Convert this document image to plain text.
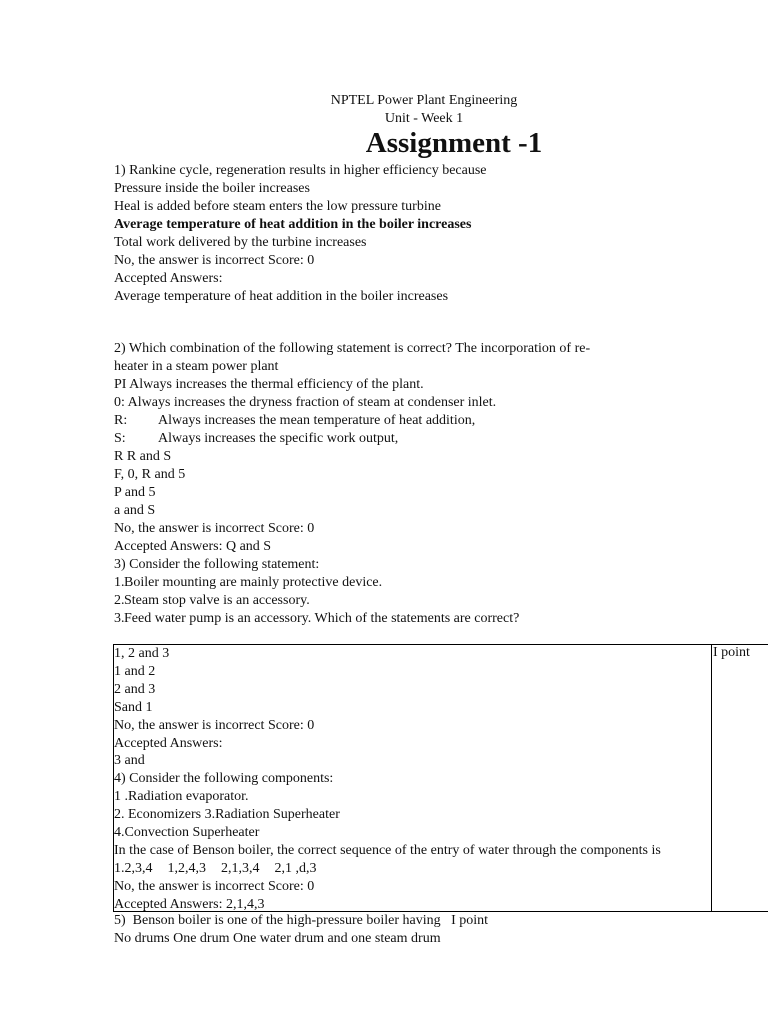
NPTEL Power Plant Engineering
Unit - Week 1
Assignment -1
1) Rankine cycle, regeneration results in higher efficiency because
Pressure inside the boiler increases
Heal is added before steam enters the low pressure turbine
Average temperature of heat addition in the boiler increases
Total work delivered by the turbine increases
No, the answer is incorrect Score: 0
Accepted Answers:
Average temperature of heat addition in the boiler increases
2) Which combination of the following statement is correct? The incorporation of re-
heater in a steam power plant
PI Always increases the thermal efficiency of the plant.
0: Always increases the dryness fraction of steam at condenser inlet.
R: Always increases the mean temperature of heat addition,
S: Always increases the specific work output,
R R and S
F, 0, R and 5
P and 5
a and S
No, the answer is incorrect Score: 0
Accepted Answers: Q and S
3) Consider the following statement:
1.Boiler mounting are mainly protective device.
2.Steam stop valve is an accessory.
3.Feed water pump is an accessory. Which of the statements are correct?
I point
1, 2 and 3
1 and 2
2 and 3
Sand 1
No, the answer is incorrect Score: 0
Accepted Answers:
3 and
4) Consider the following components:
1 .Radiation evaporator.
2. Economizers 3.Radiation Superheater
4.Convection Superheater
In the case of Benson boiler, the correct sequence of the entry of water through the components is
1.2,3,4 1,2,4,3 2,1,3,4 2,1 ,d,3
No, the answer is incorrect Score: 0
Accepted Answers: 2,1,4,3
5)  Benson boiler is one of the high-pressure boiler having   I point
No drums One drum One water drum and one steam drum
